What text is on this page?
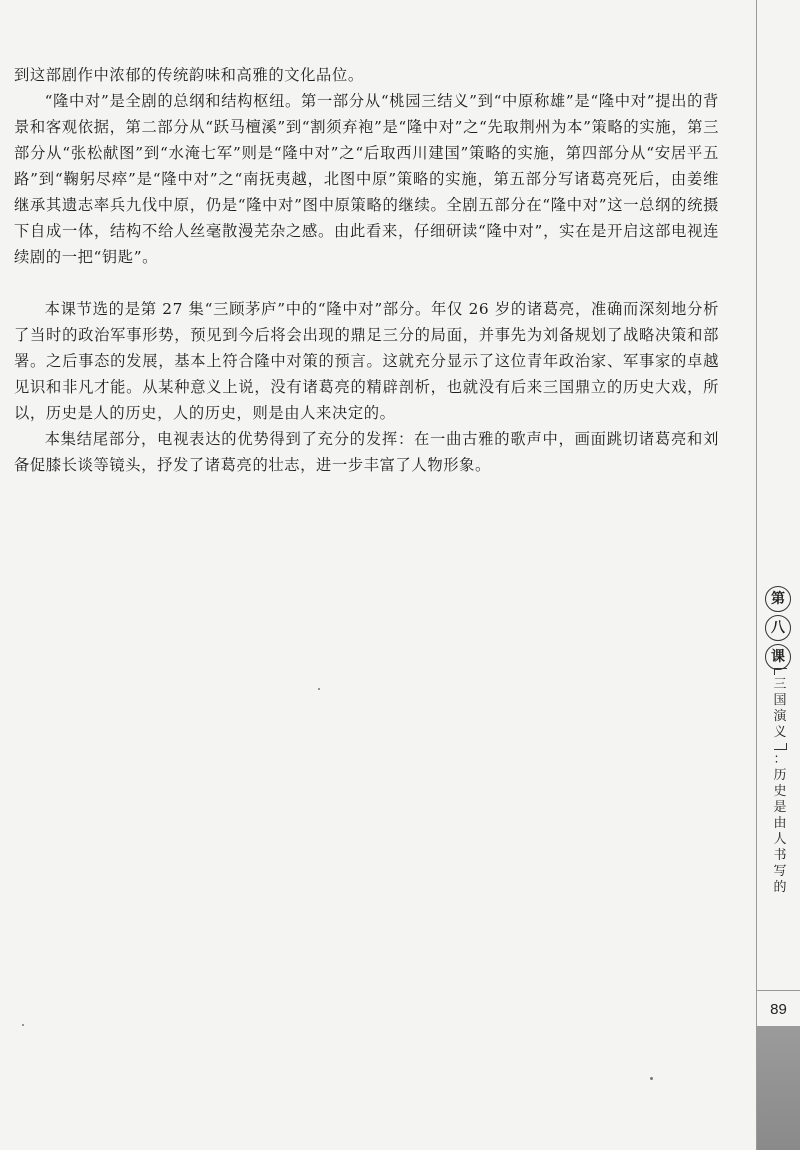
到这部剧作中浓郁的传统韵味和高雅的文化品位。

“隆中对”是全剧的总纲和结构枢纽。第一部分从“桃园三结义”到“中原称雄”是“隆中对”提出的背景和客观依据，第二部分从“跃马檀溪”到“割须弃袍”是“隆中对”之“先取荆州为本”策略的实施，第三部分从“张松献图”到“水淹七军”则是“隆中对”之“后取西川建国”策略的实施，第四部分从“安居平五路”到“鞠躬尽瘁”是“隆中对”之“南抚夷越，北图中原”策略的实施，第五部分写诸葛亮死后，由姜维继承其遗志率兵九伐中原，仍是“隆中对”图中原策略的继续。全剧五部分在“隆中对”这一总纲的统摄下自成一体，结构不给人丝毫散漫芜杂之感。由此看来，仔细研读“隆中对”，实在是开启这部电视连续剧的一把“钥匙”。

本课节选的是第 27 集“三顾茅庐”中的“隆中对”部分。年仅 26 岁的诸葛亮，准确而深刻地分析了当时的政治军事形势，预见到今后将会出现的鼎足三分的局面，并事先为刘备规划了战略决策和部署。之后事态的发展，基本上符合隆中对策的预言。这就充分显示了这位青年政治家、军事家的卓越见识和非凡才能。从某种意义上说，没有诸葛亮的精辟剖析，也就没有后来三国鼎立的历史大戏，所以，历史是人的历史，人的历史，则是由人来决定的。

本集结尾部分，电视表达的优势得到了充分的发挥：在一曲古雅的歌声中，画面跳切诸葛亮和刘备促膝长谈等镜头，抒发了诸葛亮的壮志，进一步丰富了人物形象。

第
八
课
三
国
演
义
：
历
史
是
由
人
书
写
的
89
